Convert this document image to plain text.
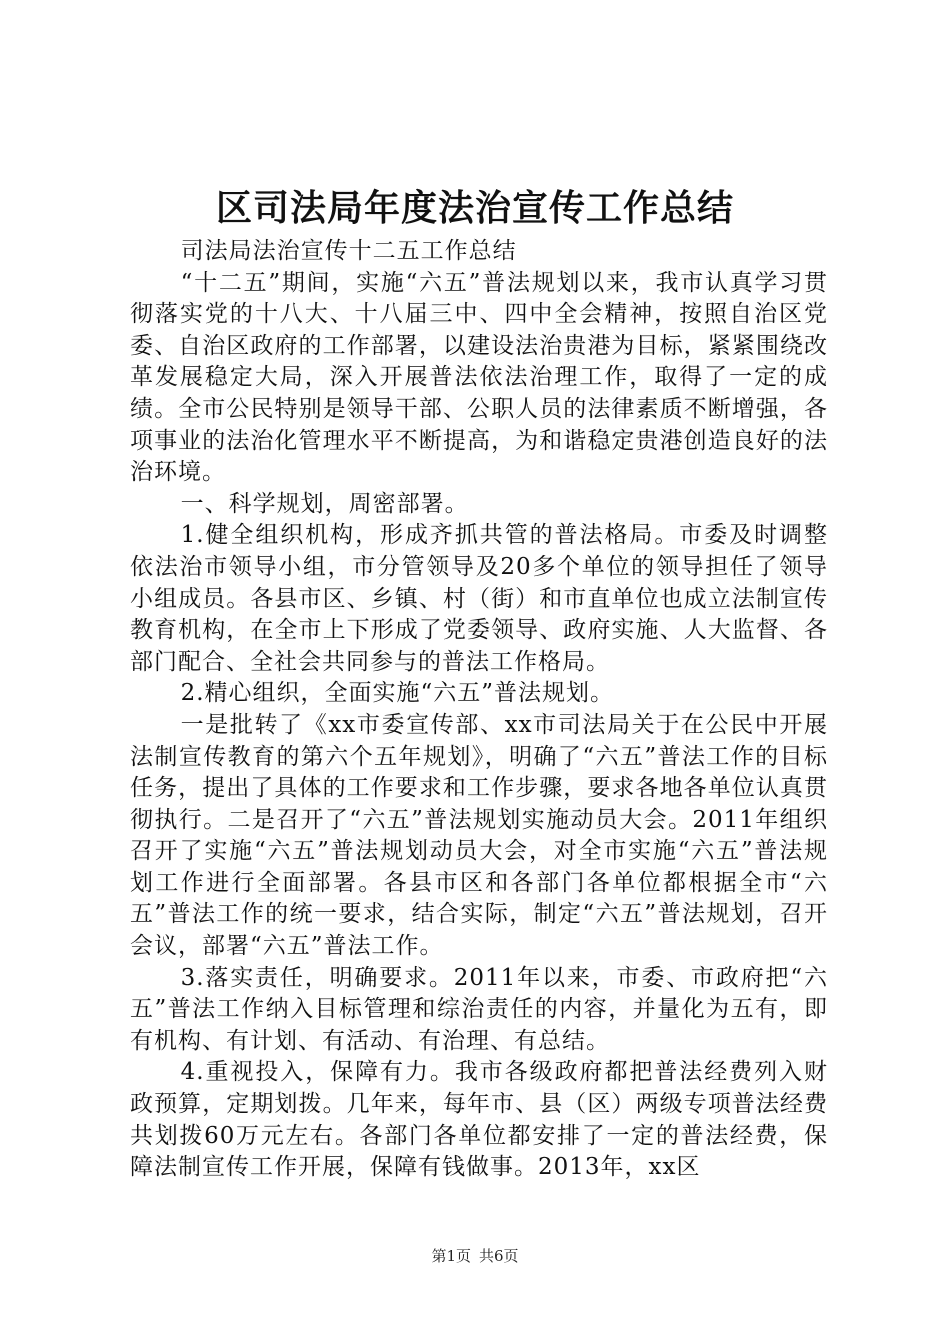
区司法局年度法治宣传工作总结

司法局法治宣传十二五工作总结

“十二五”期间，实施“六五”普法规划以来，我市认真学习贯彻落实党的十八大、十八届三中、四中全会精神，按照自治区党委、自治区政府的工作部署，以建设法治贵港为目标，紧紧围绕改革发展稳定大局，深入开展普法依法治理工作，取得了一定的成绩。全市公民特别是领导干部、公职人员的法律素质不断增强，各项事业的法治化管理水平不断提高，为和谐稳定贵港创造良好的法治环境。

一、科学规划，周密部署。

1.健全组织机构，形成齐抓共管的普法格局。市委及时调整依法治市领导小组，市分管领导及20多个单位的领导担任了领导小组成员。各县市区、乡镇、村（街）和市直单位也成立法制宣传教育机构，在全市上下形成了党委领导、政府实施、人大监督、各部门配合、全社会共同参与的普法工作格局。

2.精心组织，全面实施“六五”普法规划。

一是批转了《xx市委宣传部、xx市司法局关于在公民中开展法制宣传教育的第六个五年规划》，明确了“六五”普法工作的目标任务，提出了具体的工作要求和工作步骤，要求各地各单位认真贯彻执行。二是召开了“六五”普法规划实施动员大会。2011年组织召开了实施“六五”普法规划动员大会，对全市实施“六五”普法规划工作进行全面部署。各县市区和各部门各单位都根据全市“六五”普法工作的统一要求，结合实际，制定“六五”普法规划，召开会议，部署“六五”普法工作。

3.落实责任，明确要求。2011年以来，市委、市政府把“六五”普法工作纳入目标管理和综治责任的内容，并量化为五有，即有机构、有计划、有活动、有治理、有总结。

4.重视投入，保障有力。我市各级政府都把普法经费列入财政预算，定期划拨。几年来，每年市、县（区）两级专项普法经费共划拨60万元左右。各部门各单位都安排了一定的普法经费，保障法制宣传工作开展，保障有钱做事。2013年，xx区

第1页 共6页
